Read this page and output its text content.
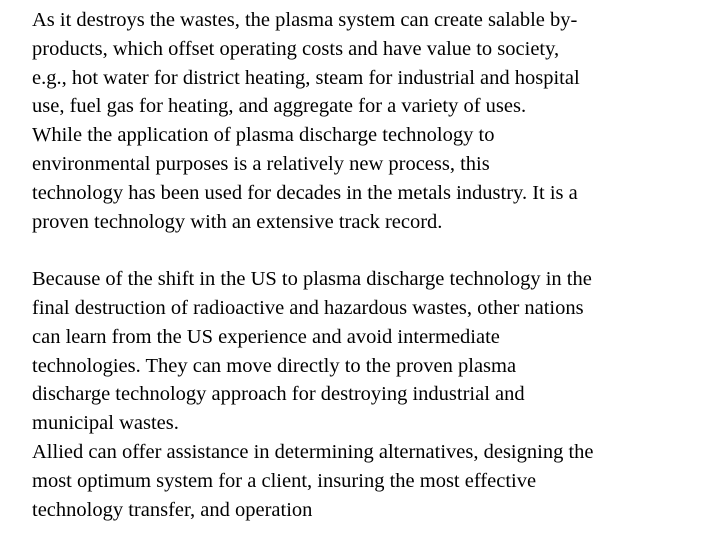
As it destroys the wastes, the plasma system can create salable by-
products, which offset operating costs and have value to society,
e.g., hot water for district heating, steam for industrial and hospital
use, fuel gas for heating, and aggregate for a variety of uses.
While the application of plasma discharge technology to
environmental purposes is a relatively new process, this
technology has been used for decades in the metals industry. It is a
proven technology with an extensive track record.
Because of the shift in the US to plasma discharge technology in the
final destruction of radioactive and hazardous wastes, other nations
can learn from the US experience and avoid intermediate
technologies. They can move directly to the proven plasma
discharge technology approach for destroying industrial and
municipal wastes.
Allied can offer assistance in determining alternatives, designing the
most optimum system for a client, insuring the most effective
technology transfer, and operation
